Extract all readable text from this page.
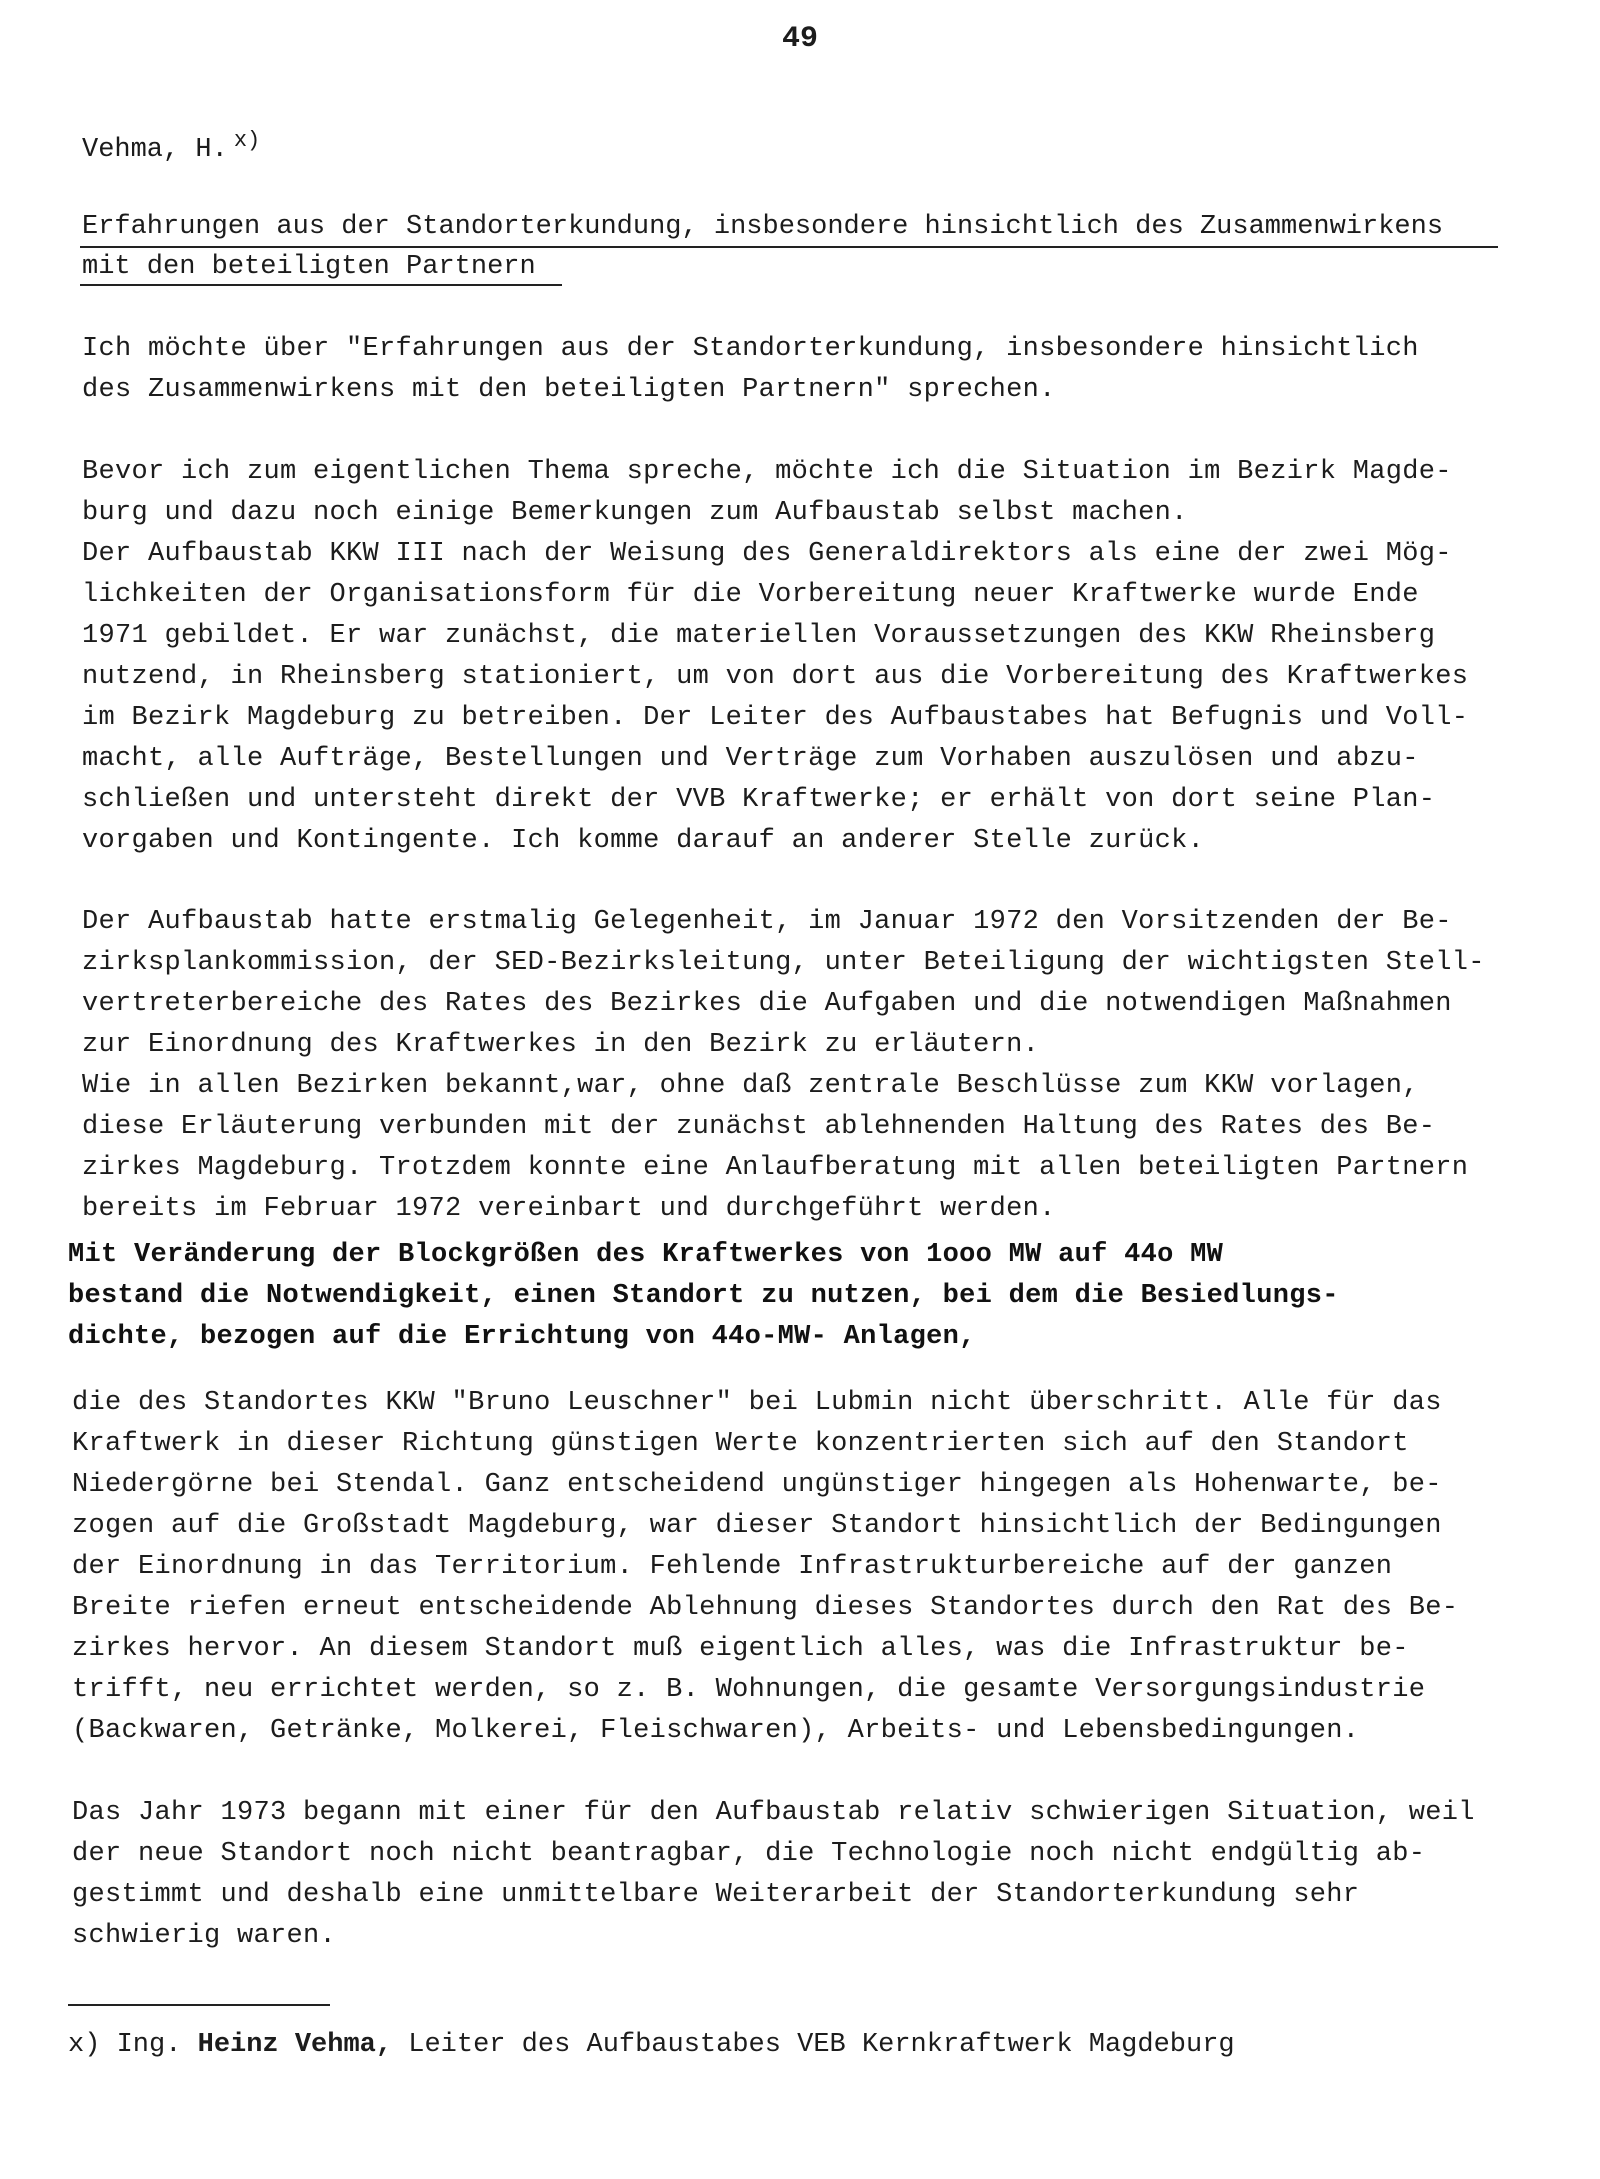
49
Vehma, H. $^{x)}$
Erfahrungen aus der Standorterkundung, insbesondere hinsichtlich des Zusammenwirkens
mit den beteiligten Partnern
Ich möchte über "Erfahrungen aus der Standorterkundung, insbesondere hinsichtlich
des Zusammenwirkens mit den beteiligten Partnern" sprechen.
Bevor ich zum eigentlichen Thema spreche, möchte ich die Situation im Bezirk Magde-
burg und dazu noch einige Bemerkungen zum Aufbaustab selbst machen.
Der Aufbaustab KKW III nach der Weisung des Generaldirektors als eine der zwei Mög-
lichkeiten der Organisationsform für die Vorbereitung neuer Kraftwerke wurde Ende
1971 gebildet. Er war zunächst, die materiellen Voraussetzungen des KKW Rheinsberg
nutzend, in Rheinsberg stationiert, um von dort aus die Vorbereitung des Kraftwerkes
im Bezirk Magdeburg zu betreiben. Der Leiter des Aufbaustabes hat Befugnis und Voll-
macht, alle Aufträge, Bestellungen und Verträge zum Vorhaben auszulösen und abzu-
schließen und untersteht direkt der VVB Kraftwerke; er erhält von dort seine Plan-
vorgaben und Kontingente. Ich komme darauf an anderer Stelle zurück.
Der Aufbaustab hatte erstmalig Gelegenheit, im Januar 1972 den Vorsitzenden der Be-
zirksplankommission, der SED-Bezirksleitung, unter Beteiligung der wichtigsten Stell-
vertreterbereiche des Rates des Bezirkes die Aufgaben und die notwendigen Maßnahmen
zur Einordnung des Kraftwerkes in den Bezirk zu erläutern.
Wie in allen Bezirken bekannt,war, ohne daß zentrale Beschlüsse zum KKW vorlagen,
diese Erläuterung verbunden mit der zunächst ablehnenden Haltung des Rates des Be-
zirkes Magdeburg. Trotzdem konnte eine Anlaufberatung mit allen beteiligten Partnern
bereits im Februar 1972 vereinbart und durchgeführt werden.
Mit Veränderung der Blockgrößen des Kraftwerkes von 1ooo MW auf 44o MW
bestand die Notwendigkeit, einen Standort zu nutzen, bei dem die Besiedlungs-
dichte, bezogen auf die Errichtung von 44o-MW- Anlagen,
die des Standortes KKW "Bruno Leuschner" bei Lubmin nicht überschritt. Alle für das
Kraftwerk in dieser Richtung günstigen Werte konzentrierten sich auf den Standort
Niedergörne bei Stendal. Ganz entscheidend ungünstiger hingegen als Hohenwarte, be-
zogen auf die Großstadt Magdeburg, war dieser Standort hinsichtlich der Bedingungen
der Einordnung in das Territorium. Fehlende Infrastrukturbereiche auf der ganzen
Breite riefen erneut entscheidende Ablehnung dieses Standortes durch den Rat des Be-
zirkes hervor. An diesem Standort muß eigentlich alles, was die Infrastruktur be-
trifft, neu errichtet werden, so z. B. Wohnungen, die gesamte Versorgungsindustrie
(Backwaren, Getränke, Molkerei, Fleischwaren), Arbeits- und Lebensbedingungen.
Das Jahr 1973 begann mit einer für den Aufbaustab relativ schwierigen Situation, weil
der neue Standort noch nicht beantragbar, die Technologie noch nicht endgültig ab-
gestimmt und deshalb eine unmittelbare Weiterarbeit der Standorterkundung sehr
schwierig waren.
x) Ing. Heinz Vehma, Leiter des Aufbaustabes VEB Kernkraftwerk Magdeburg
